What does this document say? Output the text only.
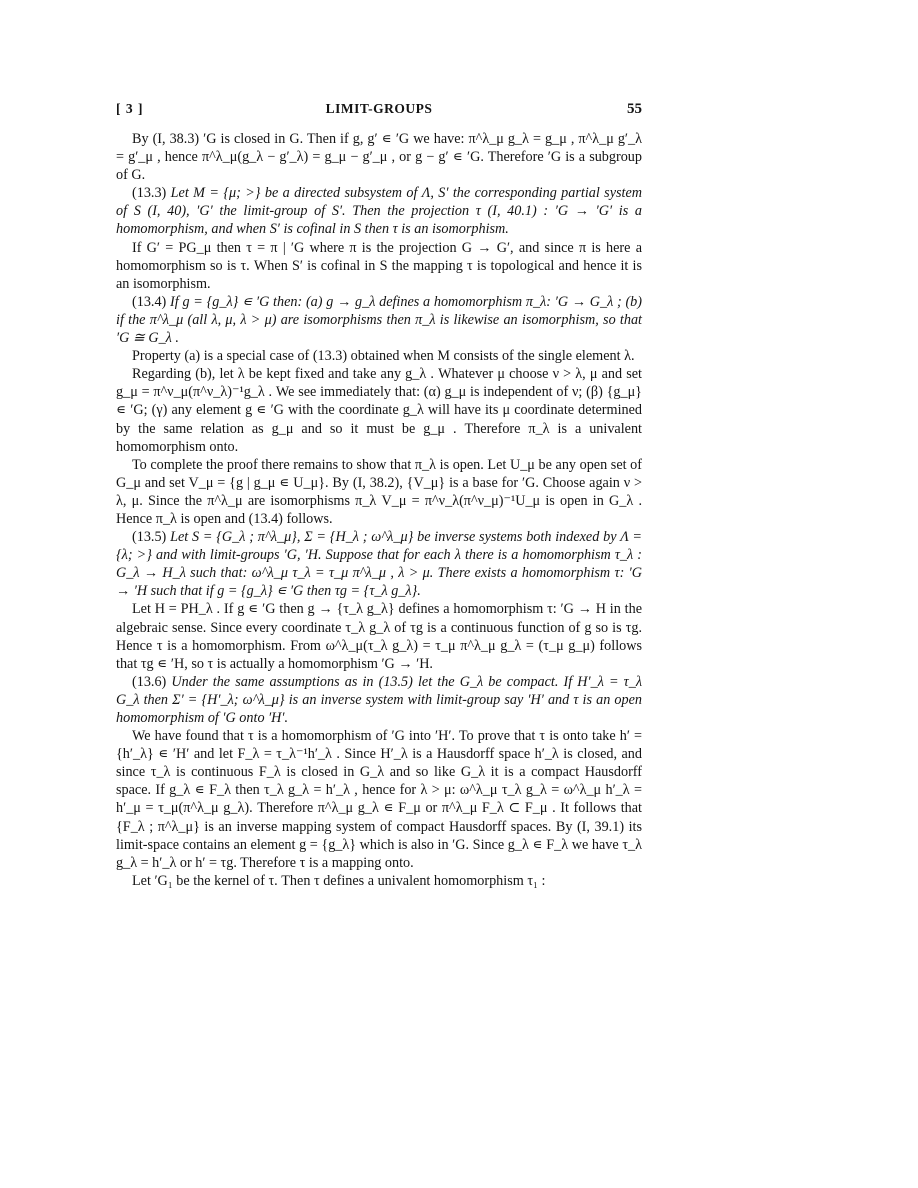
[ 3 ]	LIMIT-GROUPS	55

By (I, 38.3) ′G is closed in G. Then if g, g′ ∊ ′G we have: π^λ_μ g_λ = g_μ , π^λ_μ g′_λ = g′_μ , hence π^λ_μ(g_λ − g′_λ) = g_μ − g′_μ , or g − g′ ∊ ′G. Therefore ′G is a subgroup of G.

(13.3) Let M = {μ; >} be a directed subsystem of Λ, S′ the corresponding partial system of S (I, 40), ′G′ the limit-group of S′. Then the projection τ (I, 40.1) : ′G → ′G′ is a homomorphism, and when S′ is cofinal in S then τ is an isomorphism.

If G′ = PG_μ then τ = π | ′G where π is the projection G → G′, and since π is here a homomorphism so is τ. When S′ is cofinal in S the mapping τ is topological and hence it is an isomorphism.

(13.4) If g = {g_λ} ∊ ′G then: (a) g → g_λ defines a homomorphism π_λ: ′G → G_λ ; (b) if the π^λ_μ (all λ, μ, λ > μ) are isomorphisms then π_λ is likewise an isomorphism, so that ′G ≅ G_λ .

Property (a) is a special case of (13.3) obtained when M consists of the single element λ.

Regarding (b), let λ be kept fixed and take any g_λ . Whatever μ choose ν > λ, μ and set g_μ = π^ν_μ(π^ν_λ)⁻¹g_λ . We see immediately that: (α) g_μ is independent of ν; (β) {g_μ} ∊ ′G; (γ) any element g ∊ ′G with the coordinate g_λ will have its μ coordinate determined by the same relation as g_μ and so it must be g_μ . Therefore π_λ is a univalent homomorphism onto.

To complete the proof there remains to show that π_λ is open. Let U_μ be any open set of G_μ and set V_μ = {g | g_μ ∊ U_μ}. By (I, 38.2), {V_μ} is a base for ′G. Choose again ν > λ, μ. Since the π^λ_μ are isomorphisms π_λ V_μ = π^ν_λ(π^ν_μ)⁻¹U_μ is open in G_λ . Hence π_λ is open and (13.4) follows.

(13.5) Let S = {G_λ ; π^λ_μ}, Σ = {H_λ ; ω^λ_μ} be inverse systems both indexed by Λ = {λ; >} and with limit-groups ′G, ′H. Suppose that for each λ there is a homomorphism τ_λ : G_λ → H_λ such that: ω^λ_μ τ_λ = τ_μ π^λ_μ , λ > μ. There exists a homomorphism τ: ′G → ′H such that if g = {g_λ} ∊ ′G then τg = {τ_λ g_λ}.

Let H = PH_λ . If g ∊ ′G then g → {τ_λ g_λ} defines a homomorphism τ: ′G → H in the algebraic sense. Since every coordinate τ_λ g_λ of τg is a continuous function of g so is τg. Hence τ is a homomorphism. From ω^λ_μ(τ_λ g_λ) = τ_μ π^λ_μ g_λ = (τ_μ g_μ) follows that τg ∊ ′H, so τ is actually a homomorphism ′G → ′H.

(13.6) Under the same assumptions as in (13.5) let the G_λ be compact. If H′_λ = τ_λ G_λ then Σ′ = {H′_λ; ω^λ_μ} is an inverse system with limit-group say ′H′ and τ is an open homomorphism of ′G onto ′H′.

We have found that τ is a homomorphism of ′G into ′H′. To prove that τ is onto take h′ = {h′_λ} ∊ ′H′ and let F_λ = τ_λ⁻¹h′_λ . Since H′_λ is a Hausdorff space h′_λ is closed, and since τ_λ is continuous F_λ is closed in G_λ and so like G_λ it is a compact Hausdorff space. If g_λ ∊ F_λ then τ_λ g_λ = h′_λ , hence for λ > μ: ω^λ_μ τ_λ g_λ = ω^λ_μ h′_λ = h′_μ = τ_μ(π^λ_μ g_λ). Therefore π^λ_μ g_λ ∊ F_μ or π^λ_μ F_λ ⊂ F_μ . It follows that {F_λ ; π^λ_μ} is an inverse mapping system of compact Hausdorff spaces. By (I, 39.1) its limit-space contains an element g = {g_λ} which is also in ′G. Since g_λ ∊ F_λ we have τ_λ g_λ = h′_λ or h′ = τg. Therefore τ is a mapping onto.

Let ′G₁ be the kernel of τ. Then τ defines a univalent homomorphism τ₁ :
